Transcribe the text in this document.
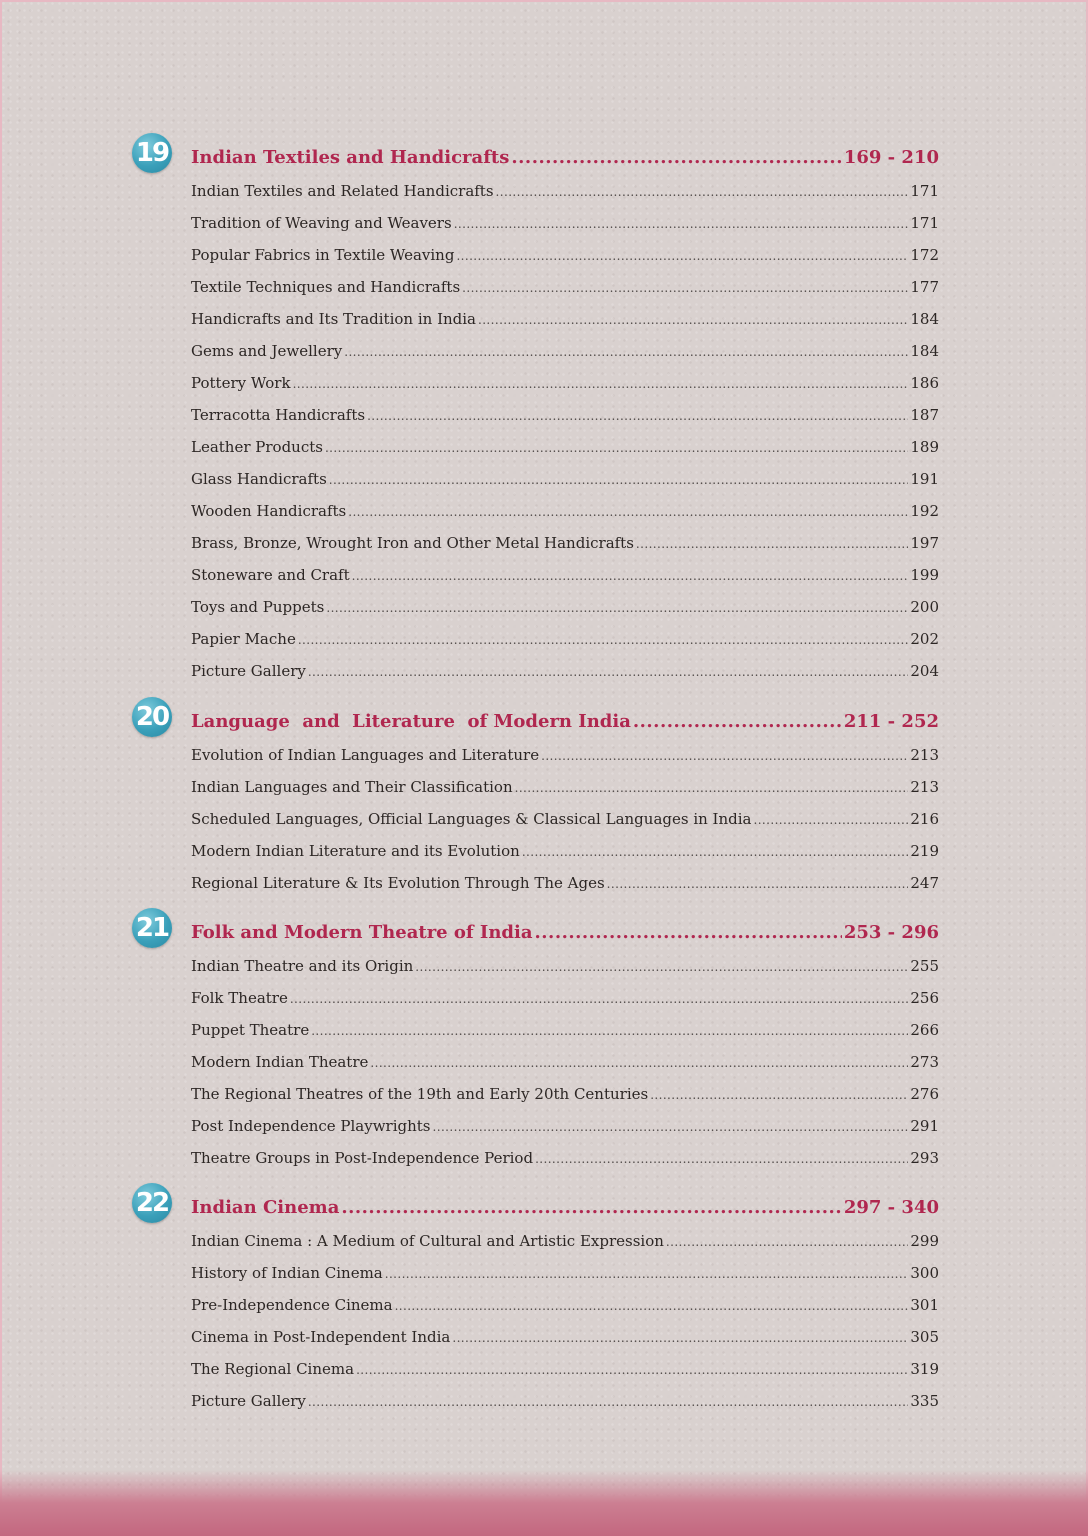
19 Indian Textiles and Handicrafts .....	169 - 210
Indian Textiles and Related Handicrafts .....	171
Tradition of Weaving and Weavers .....	171
Popular Fabrics in Textile Weaving .....	172
Textile Techniques and Handicrafts .....	177
Handicrafts and Its Tradition in India .....	184
Gems and Jewellery .....	184
Pottery Work .....	186
Terracotta Handicrafts .....	187
Leather Products .....	189
Glass Handicrafts .....	191
Wooden Handicrafts .....	192
Brass, Bronze, Wrought Iron and Other Metal Handicrafts .....	197
Stoneware and Craft .....	199
Toys and Puppets .....	200
Papier Mache .....	202
Picture Gallery .....	204
20 Language  and  Literature  of Modern India .....	211 - 252
Evolution of Indian Languages and Literature .....	213
Indian Languages and Their Classification .....	213
Scheduled Languages, Official Languages & Classical Languages in India .....	216
Modern Indian Literature and its Evolution .....	219
Regional Literature & Its Evolution Through The Ages .....	247
21 Folk and Modern Theatre of India .....	253 - 296
Indian Theatre and its Origin .....	255
Folk Theatre .....	256
Puppet Theatre .....	266
Modern Indian Theatre .....	273
The Regional Theatres of the 19th and Early 20th Centuries .....	276
Post Independence Playwrights .....	291
Theatre Groups in Post-Independence Period .....	293
22 Indian Cinema .....	297 - 340
Indian Cinema : A Medium of Cultural and Artistic Expression .....	299
History of Indian Cinema .....	300
Pre-Independence Cinema .....	301
Cinema in Post-Independent India .....	305
The Regional Cinema .....	319
Picture Gallery .....	335
